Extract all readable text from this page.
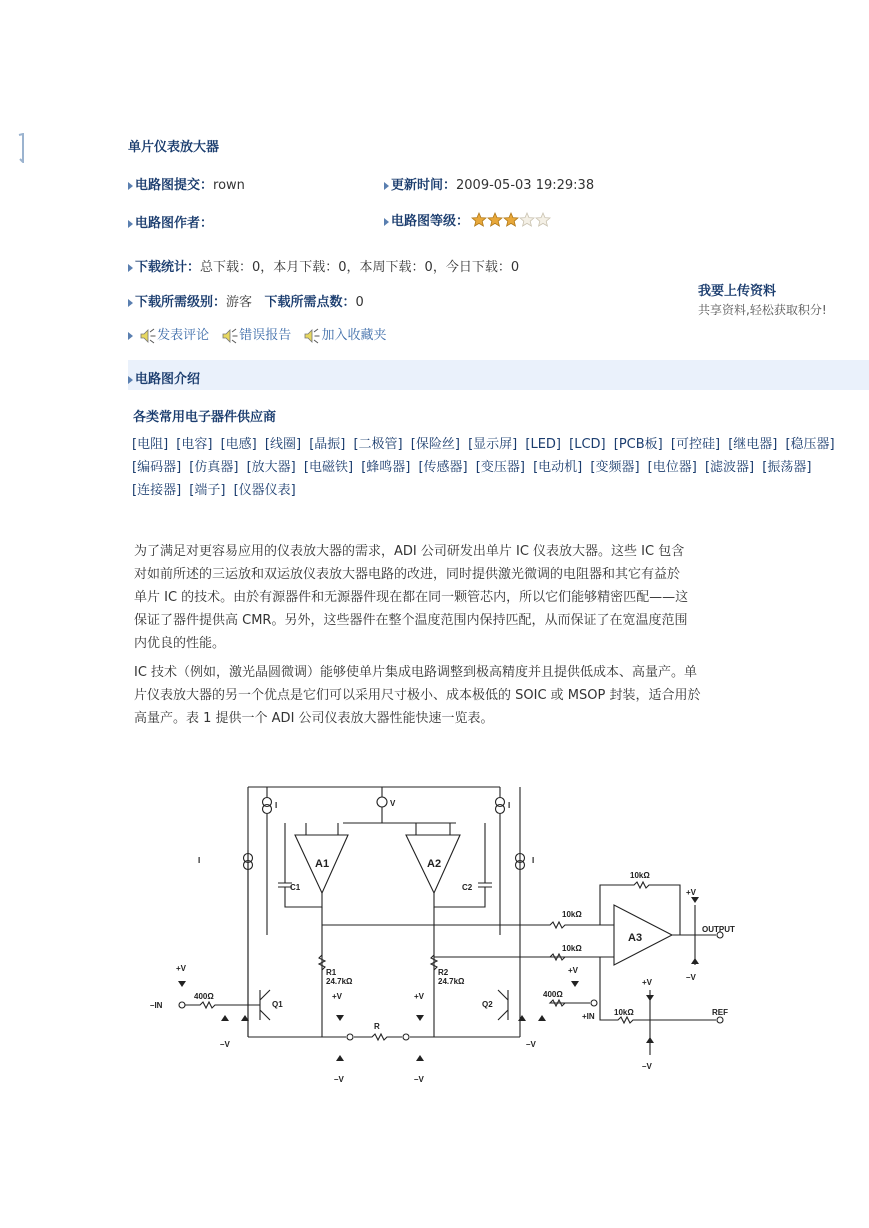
单片仪表放大器
电路图提交：rown	更新时间：2009-05-03 19:29:38
电路图作者：	电路图等级：
下载统计：总下载：0，本月下载：0，本周下载：0，今日下载：0
下载所需级别：游客 下载所需点数：0
发表评论 错误报告 加入收藏夹
我要上传资料
共享资料,轻松获取积分!
电路图介绍
各类常用电子器件供应商
[电阻] [电容] [电感] [线圈] [晶振] [二极管] [保险丝] [显示屏] [LED] [LCD] [PCB板] [可控硅] [继电器] [稳压器] [编码器] [仿真器] [放大器] [电磁铁] [蜂鸣器] [传感器] [变压器] [电动机] [变频器] [电位器] [滤波器] [振荡器] [连接器] [端子] [仪器仪表]
为了满足对更容易应用的仪表放大器的需求，ADI 公司研发出单片 IC 仪表放大器。这些 IC 包含
对如前所述的三运放和双运放仪表放大器电路的改进，同时提供激光微调的电阻器和其它有益於
单片 IC 的技术。由於有源器件和无源器件现在都在同一颗管芯内，所以它们能够精密匹配——这
保证了器件提供高 CMR。另外，这些器件在整个温度范围内保持匹配，从而保证了在宽温度范围
内优良的性能。
IC 技术（例如，激光晶圆微调）能够使单片集成电路调整到极高精度并且提供低成本、高量产。单
片仪表放大器的另一个优点是它们可以采用尺寸极小、成本极低的 SOIC 或 MSOP 封装，适合用於
高量产。表 1 提供一个 ADI 公司仪表放大器性能快速一览表。
A1	A2
A3
C1	C2
I	I
I	I
V
R1
24.7kΩ
R2
24.7kΩ
R
Q1	Q2
400Ω	400Ω
10kΩ
10kΩ
10kΩ
10kΩ
OUTPUT
REF
–IN
+IN
+V
–V
+V
–V
+V
–V
–V
+V
+V
–V
+V
–V
